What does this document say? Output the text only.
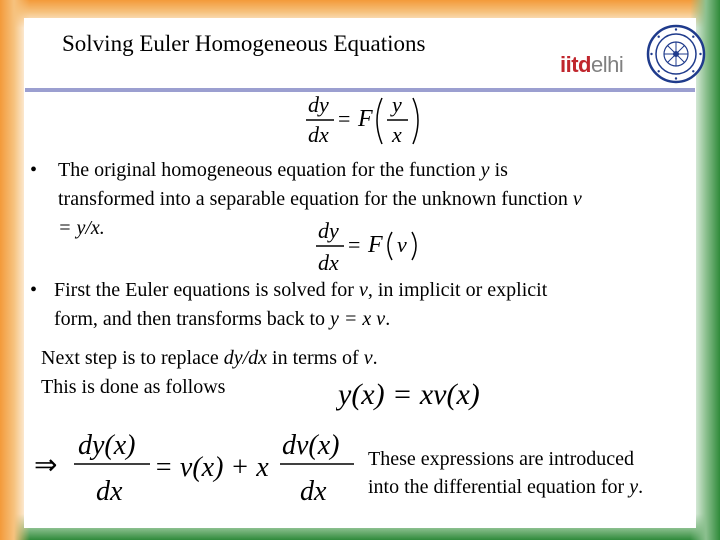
Solving Euler Homogeneous Equations
iitdelhi
dy
dx
= F
y
x
• The original homogeneous equation for the function y is
transformed into a separable equation for the unknown function v
= y/x.	dy
dx
= F v
• First the Euler equations is solved for v, in implicit or explicit
form, and then transforms back to y = x v.
Next step is to replace dy/dx in terms of v.
This is done as follows	y(x) = xv(x)
⇒
dy(x)
dx
= v(x) + x
dv(x)
dx
These expressions are introduced
into the differential equation for y.
